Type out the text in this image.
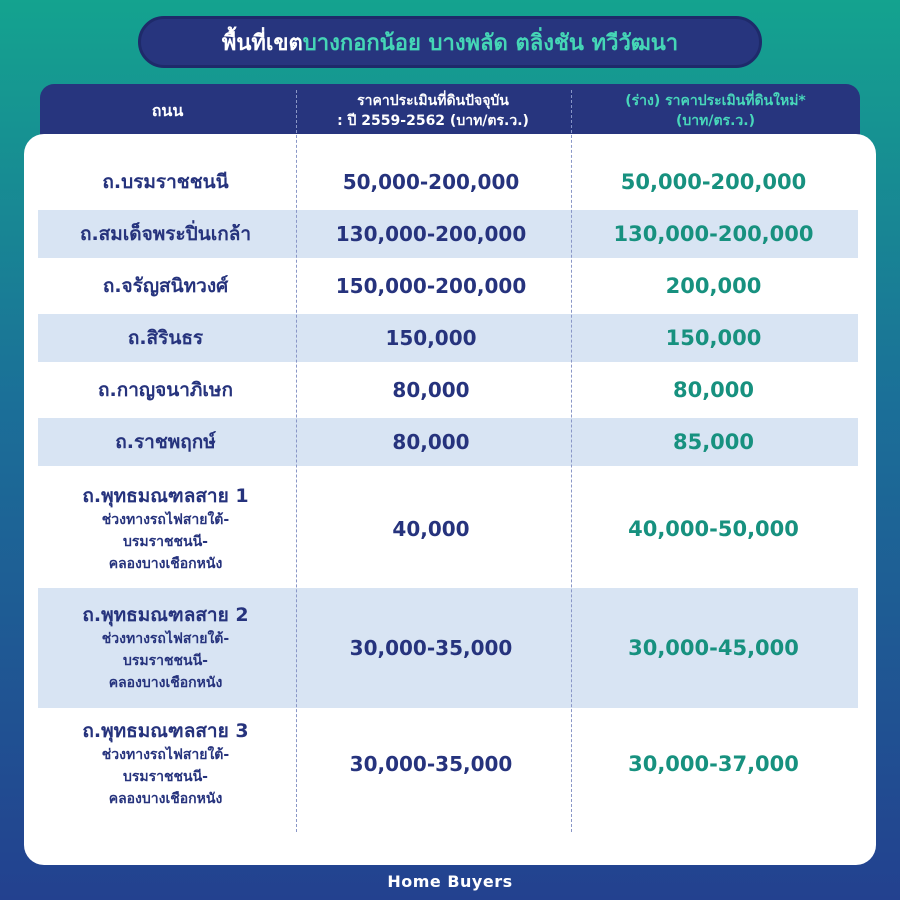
พื้นที่เขต บางกอกน้อย บางพลัด ตลิ่งชัน ทวีวัฒนา
ถนน	ราคาประเมินที่ดินปัจจุบัน
: ปี 2559-2562 (บาท/ตร.ว.)
(ร่าง) ราคาประเมินที่ดินใหม่*
(บาท/ตร.ว.)
ถ.บรมราชชนนี	50,000-200,000	50,000-200,000
ถ.สมเด็จพระปิ่นเกล้า	130,000-200,000	130,000-200,000
ถ.จรัญสนิทวงศ์	150,000-200,000	200,000
ถ.สิรินธร	150,000	150,000
ถ.กาญจนาภิเษก	80,000	80,000
ถ.ราชพฤกษ์	80,000	85,000
ถ.พุทธมณฑลสาย 1
ช่วงทางรถไฟสายใต้-
บรมราชชนนี-
คลองบางเชือกหนัง
40,000	40,000-50,000
ถ.พุทธมณฑลสาย 2
ช่วงทางรถไฟสายใต้-
บรมราชชนนี-
คลองบางเชือกหนัง
30,000-35,000	30,000-45,000
ถ.พุทธมณฑลสาย 3
ช่วงทางรถไฟสายใต้-
บรมราชชนนี-
คลองบางเชือกหนัง
30,000-35,000	30,000-37,000
Home Buyers
